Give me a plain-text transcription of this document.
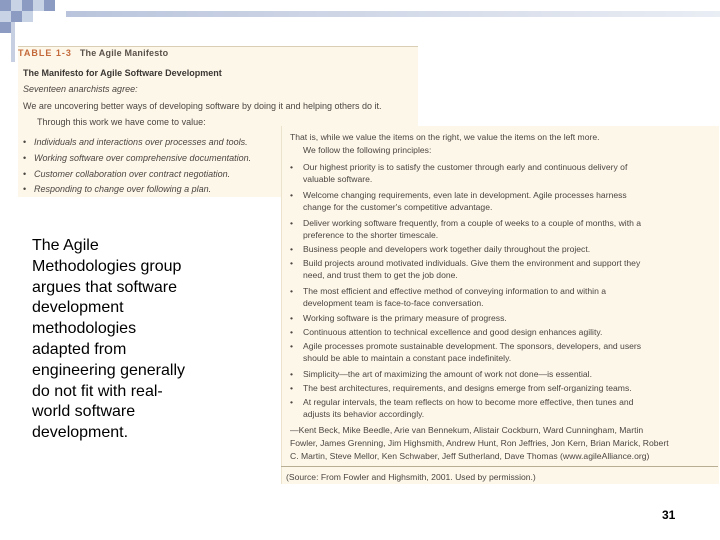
TABLE 1-3 The Agile Manifesto
The Manifesto for Agile Software Development
Seventeen anarchists agree:
We are uncovering better ways of developing software by doing it and helping others do it.
Through this work we have come to value:
• Individuals and interactions over processes and tools.
• Working software over comprehensive documentation.
• Customer collaboration over contract negotiation.
• Responding to change over following a plan.
That is, while we value the items on the right, we value the items on the left more.
We follow the following principles:
• Our highest priority is to satisfy the customer through early and continuous delivery of
valuable software.
• Welcome changing requirements, even late in development. Agile processes harness
change for the customer's competitive advantage.
• Deliver working software frequently, from a couple of weeks to a couple of months, with a
preference to the shorter timescale.
• Business people and developers work together daily throughout the project.
• Build projects around motivated individuals. Give them the environment and support they
need, and trust them to get the job done.
• The most efficient and effective method of conveying information to and within a
development team is face-to-face conversation.
• Working software is the primary measure of progress.
• Continuous attention to technical excellence and good design enhances agility.
• Agile processes promote sustainable development. The sponsors, developers, and users
should be able to maintain a constant pace indefinitely.
• Simplicity—the art of maximizing the amount of work not done—is essential.
• The best architectures, requirements, and designs emerge from self-organizing teams.
• At regular intervals, the team reflects on how to become more effective, then tunes and
adjusts its behavior accordingly.
—Kent Beck, Mike Beedle, Arie van Bennekum, Alistair Cockburn, Ward Cunningham, Martin
Fowler, James Grenning, Jim Highsmith, Andrew Hunt, Ron Jeffries, Jon Kern, Brian Marick, Robert
C. Martin, Steve Mellor, Ken Schwaber, Jeff Sutherland, Dave Thomas (www.agileAlliance.org)
(Source: From Fowler and Highsmith, 2001. Used by permission.)
The Agile
Methodologies group
argues that software
development
methodologies
adapted from
engineering generally
do not fit with real-
world software
development.
31
